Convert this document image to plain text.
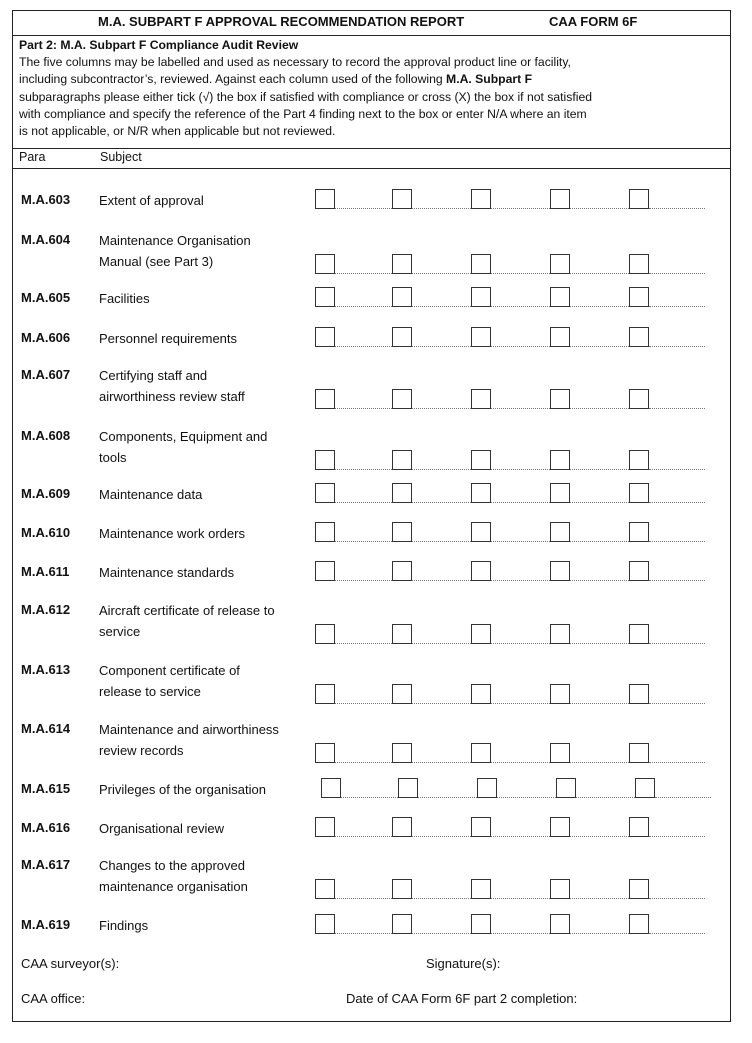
M.A. SUBPART F APPROVAL RECOMMENDATION REPORT	CAA FORM 6F
Part 2: M.A. Subpart F Compliance Audit Review
The five columns may be labelled and used as necessary to record the approval product line or facility,
including subcontractor’s, reviewed. Against each column used of the following M.A. Subpart F
subparagraphs please either tick (√) the box if satisfied with compliance or cross (X) the box if not satisfied
with compliance and specify the reference of the Part 4 finding next to the box or enter N/A where an item
is not applicable, or N/R when applicable but not reviewed.
Para	Subject
M.A.603 Extent of approval
M.A.604 Maintenance Organisation
Manual (see Part 3)
M.A.605 Facilities
M.A.606 Personnel requirements
M.A.607 Certifying staff and
airworthiness review staff
M.A.608 Components, Equipment and
tools
M.A.609 Maintenance data
M.A.610 Maintenance work orders
M.A.611 Maintenance standards
M.A.612 Aircraft certificate of release to
service
M.A.613 Component certificate of
release to service
M.A.614 Maintenance and airworthiness
review records
M.A.615 Privileges of the organisation
M.A.616 Organisational review
M.A.617 Changes to the approved
maintenance organisation
M.A.619 Findings
CAA surveyor(s):	Signature(s):
CAA office:	Date of CAA Form 6F part 2 completion:
